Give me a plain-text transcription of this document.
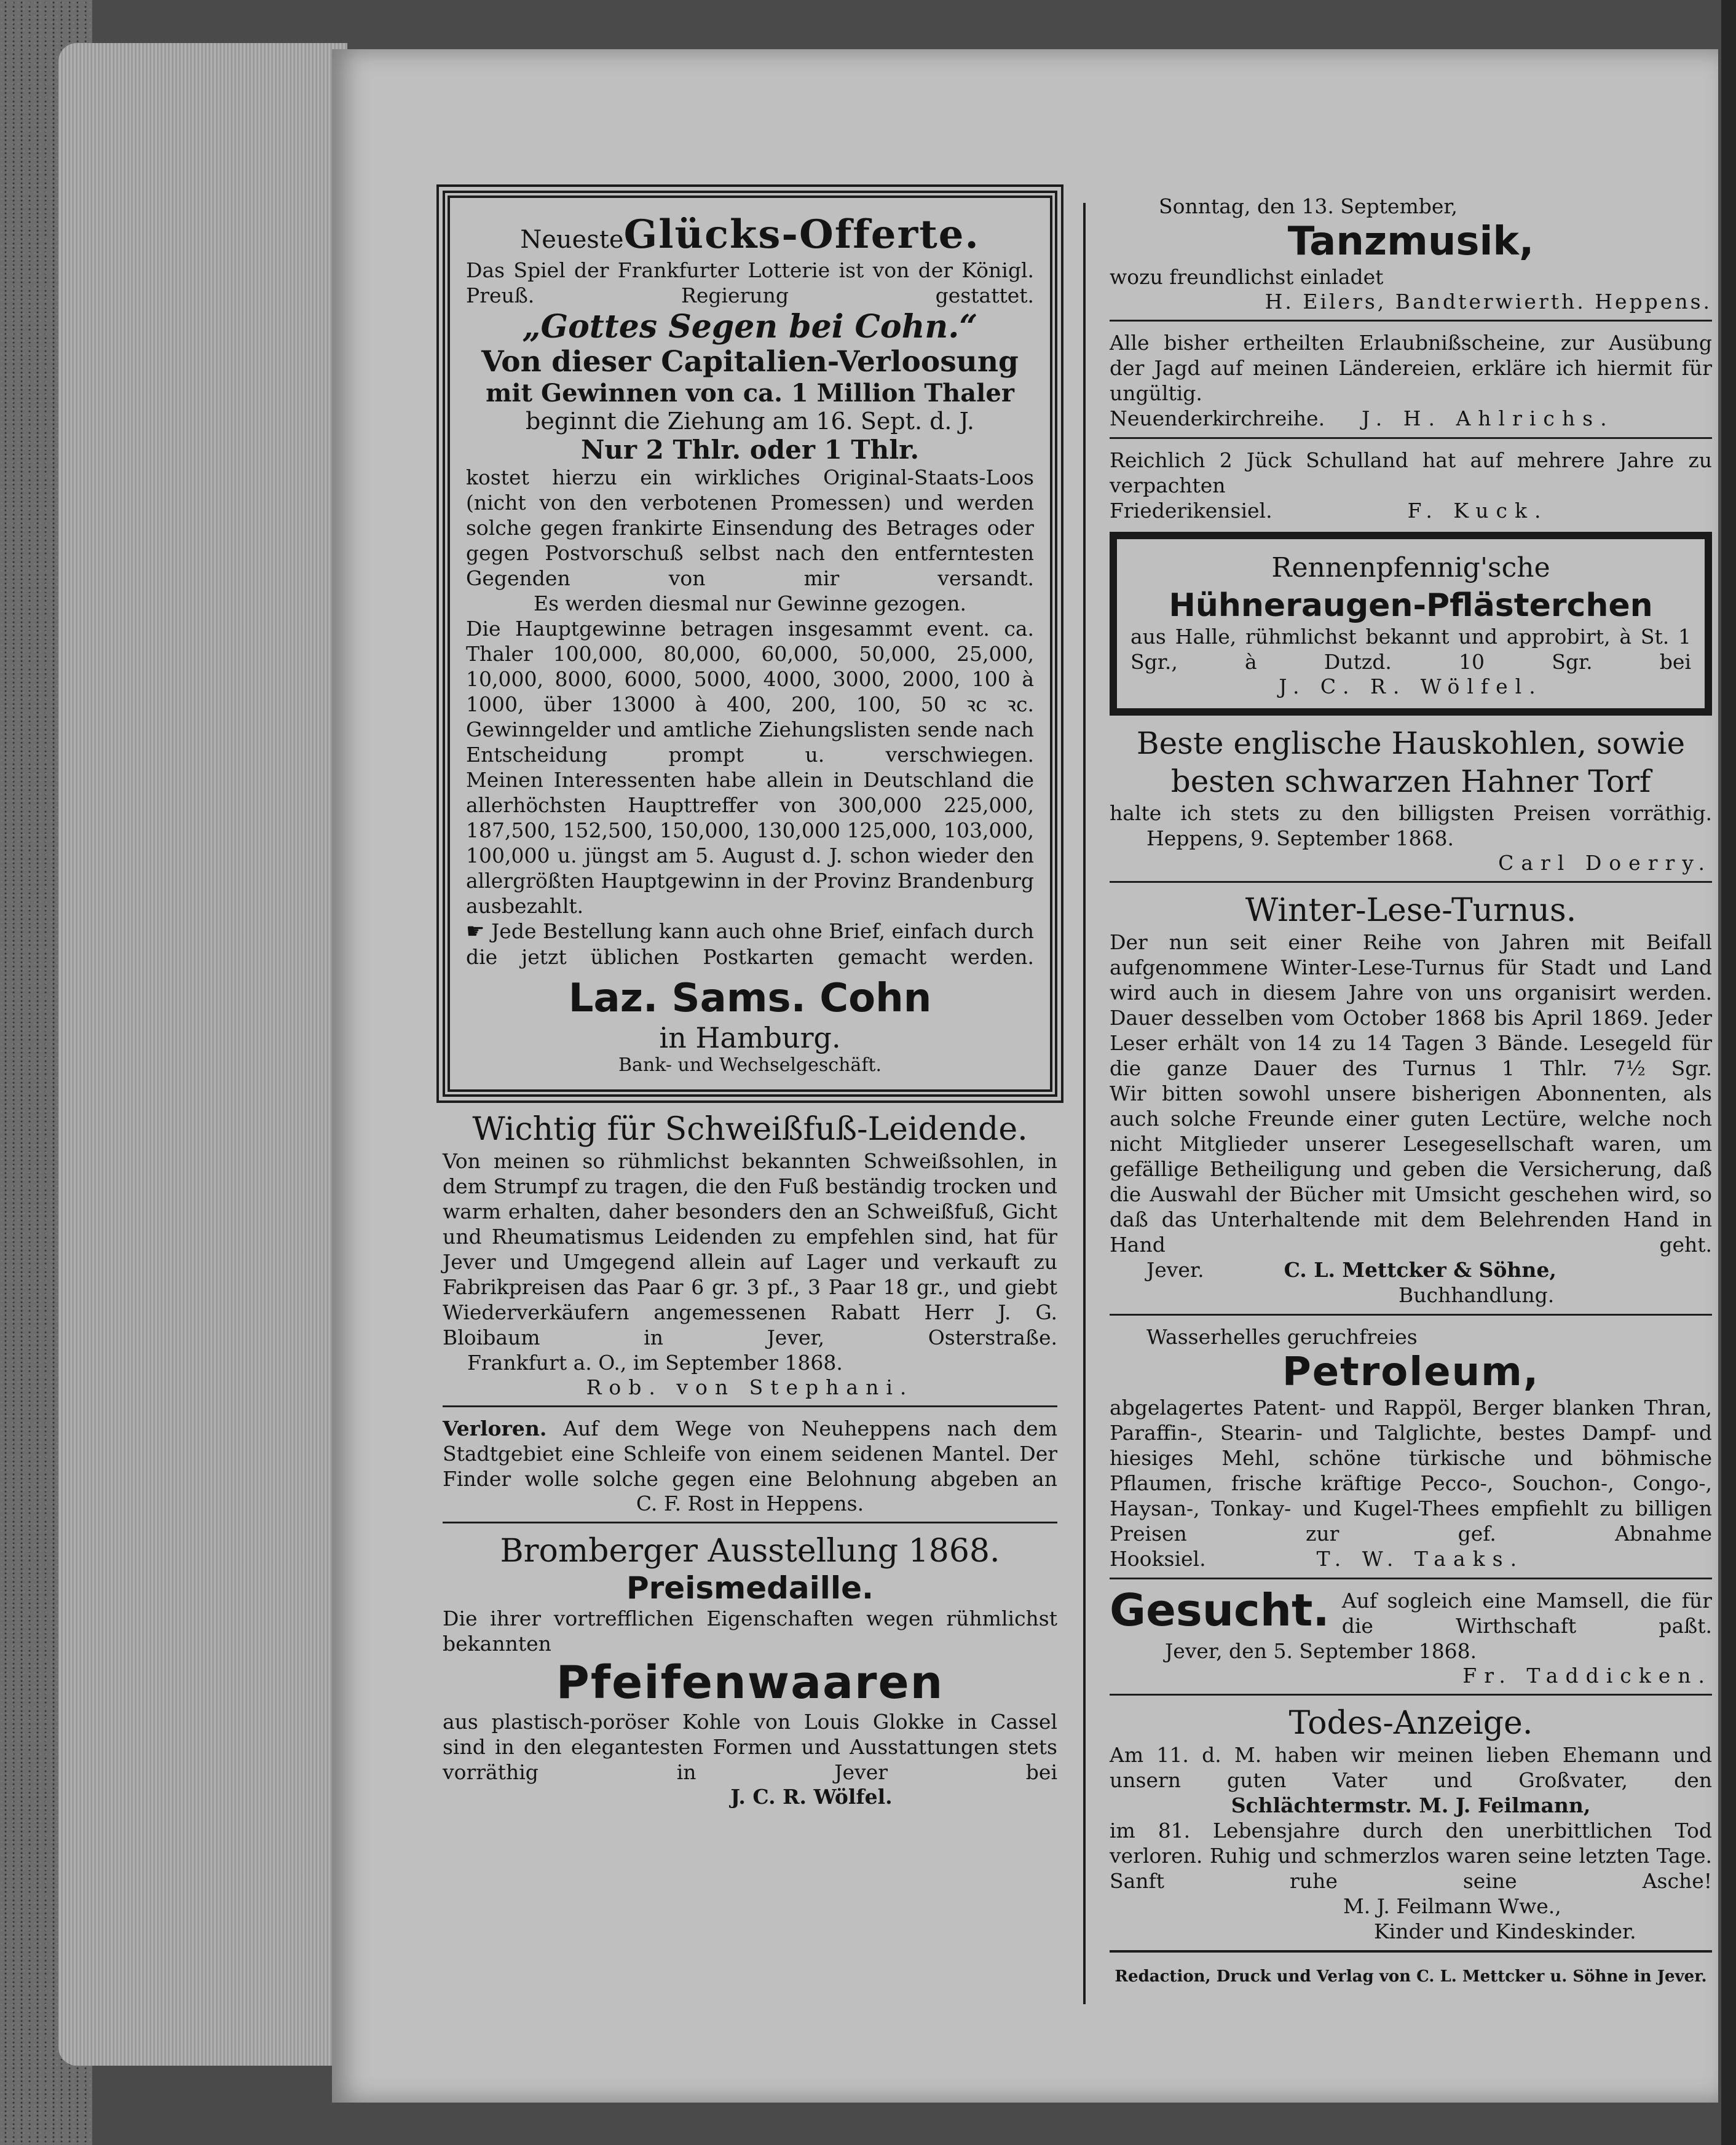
NeuesteGlücks-Offerte.

Das Spiel der Frankfurter Lotterie ist von der Königl. Preuß. Regierung gestattet.

„Gottes Segen bei Cohn.“

Von dieser Capitalien-Verloosung

mit Gewinnen von ca. 1 Million Thaler

beginnt die Ziehung am 16. Sept. d. J.

Nur 2 Thlr. oder 1 Thlr.

kostet hierzu ein wirkliches Original-Staats-Loos (nicht von den verbotenen Promessen) und werden solche gegen frankirte Einsendung des Betrages oder gegen Postvorschuß selbst nach den entferntesten Gegenden von mir versandt.

Es werden diesmal nur Gewinne gezogen.

Die Hauptgewinne betragen insgesammt event. ca. Thaler 100,000, 80,000, 60,000, 50,000, 25,000, 10,000, 8000, 6000, 5000, 4000, 3000, 2000, 100 à 1000, über 13000 à 400, 200, 100, 50 ꝛc ꝛc.

Gewinngelder und amtliche Ziehungslisten sende nach Entscheidung prompt u. verschwiegen.

Meinen Interessenten habe allein in Deutschland die allerhöchsten Haupttreffer von 300,000 225,000, 187,500, 152,500, 150,000, 130,000 125,000, 103,000, 100,000 u. jüngst am 5. August d. J. schon wieder den allergrößten Hauptgewinn in der Provinz Brandenburg ausbezahlt.

☛ Jede Bestellung kann auch ohne Brief, einfach durch die jetzt üblichen Postkarten gemacht werden.

Laz. Sams. Cohn

in Hamburg.

Bank- und Wechselgeschäft.

Wichtig für Schweißfuß-Leidende.

Von meinen so rühmlichst bekannten Schweißsohlen, in dem Strumpf zu tragen, die den Fuß beständig trocken und warm erhalten, daher besonders den an Schweißfuß, Gicht und Rheumatismus Leidenden zu empfehlen sind, hat für Jever und Umgegend allein auf Lager und verkauft zu Fabrikpreisen das Paar 6 gr. 3 pf., 3 Paar 18 gr., und giebt Wiederverkäufern angemessenen Rabatt Herr J. G. Bloibaum in Jever, Osterstraße.

Frankfurt a. O., im September 1868.

Rob. von Stephani.

Verloren. Auf dem Wege von Neuheppens nach dem Stadtgebiet eine Schleife von einem seidenen Mantel. Der Finder wolle solche gegen eine Belohnung abgeben an

C. F. Rost in Heppens.

Bromberger Ausstellung 1868.

Preismedaille.

Die ihrer vortrefflichen Eigenschaften wegen rühmlichst bekannten

Pfeifenwaaren

aus plastisch-poröser Kohle von Louis Glokke in Cassel sind in den elegantesten Formen und Ausstattungen stets vorräthig in Jever bei

J. C. R. Wölfel.

Sonntag, den 13. September,

Tanzmusik,

wozu freundlichst einladet

H. Eilers, Bandterwierth. Heppens.

Alle bisher ertheilten Erlaubnißscheine, zur Ausübung der Jagd auf meinen Ländereien, erkläre ich hiermit für ungültig.

Neuenderkirchreihe. J. H. Ahlrichs.

Reichlich 2 Jück Schulland hat auf mehrere Jahre zu verpachten

Friederikensiel.	F. Kuck.

Rennenpfennig'sche

Hühneraugen-Pflästerchen

aus Halle, rühmlichst bekannt und approbirt, à St. 1 Sgr., à Dutzd. 10 Sgr. bei

J. C. R. Wölfel.

Beste englische Hauskohlen, sowie besten schwarzen Hahner Torf

halte ich stets zu den billigsten Preisen vorräthig.

Heppens, 9. September 1868.

Carl Doerry.

Winter-Lese-Turnus.

Der nun seit einer Reihe von Jahren mit Beifall aufgenommene Winter-Lese-Turnus für Stadt und Land wird auch in diesem Jahre von uns organisirt werden. Dauer desselben vom October 1868 bis April 1869. Jeder Leser erhält von 14 zu 14 Tagen 3 Bände. Lesegeld für die ganze Dauer des Turnus 1 Thlr. 7½ Sgr.

Wir bitten sowohl unsere bisherigen Abonnenten, als auch solche Freunde einer guten Lectüre, welche noch nicht Mitglieder unserer Lesegesellschaft waren, um gefällige Betheiligung und geben die Versicherung, daß die Auswahl der Bücher mit Umsicht geschehen wird, so daß das Unterhaltende mit dem Belehrenden Hand in Hand geht.

Jever.	C. L. Mettcker & Söhne,

Buchhandlung.

Wasserhelles geruchfreies

Petroleum,

abgelagertes Patent- und Rappöl, Berger blanken Thran, Paraffin-, Stearin- und Talglichte, bestes Dampf- und hiesiges Mehl, schöne türkische und böhmische Pflaumen, frische kräftige Pecco-, Souchon-, Congo-, Haysan-, Tonkay- und Kugel-Thees empfiehlt zu billigen Preisen zur gef. Abnahme

Hooksiel.	T. W. Taaks.

Gesucht. Auf sogleich eine Mamsell, die für die Wirthschaft paßt.

Jever, den 5. September 1868.

Fr. Taddicken.

Todes-Anzeige.

Am 11. d. M. haben wir meinen lieben Ehemann und unsern guten Vater und Großvater, den

Schlächtermstr. M. J. Feilmann,

im 81. Lebensjahre durch den unerbittlichen Tod verloren. Ruhig und schmerzlos waren seine letzten Tage. Sanft ruhe seine Asche!

M. J. Feilmann Wwe.,

Kinder und Kindeskinder.

Redaction, Druck und Verlag von C. L. Mettcker u. Söhne in Jever.
